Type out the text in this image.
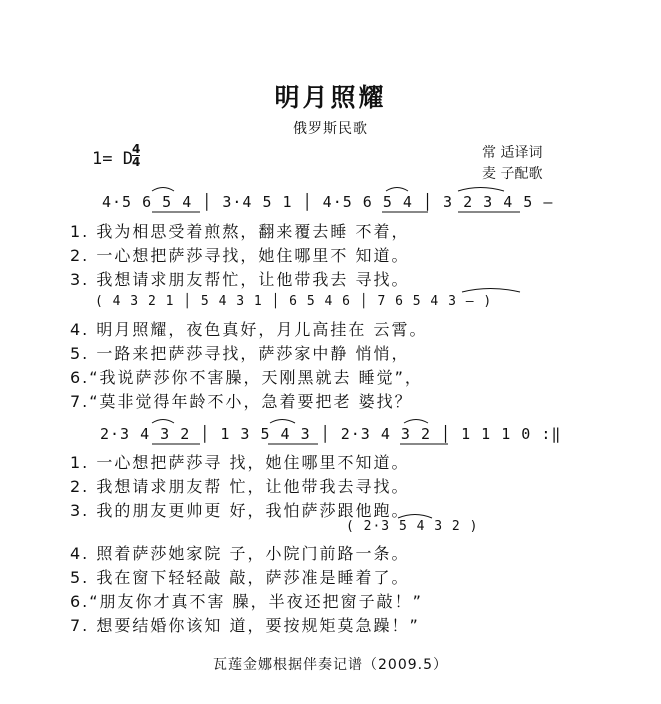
明月照耀
俄罗斯民歌
1= D 4
4
常 适译词
麦 子配歌
4·5 6 5 4 │ 3·4 5 1 │ 4·5 6 5 4 │ 3 2 3 4 5 –
1. 我为相思受着煎熬，翻来覆去睡 不着，
2. 一心想把萨莎寻找，她住哪里不 知道。
3. 我想请求朋友帮忙，让他带我去 寻找。
( 4 3 2 1 │ 5 4 3 1 │ 6 5 4 6 │ 7 6 5 4 3 – )
4. 明月照耀，夜色真好，月儿高挂在 云霄。
5. 一路来把萨莎寻找，萨莎家中静 悄悄，
6.“我说萨莎你不害臊，天刚黑就去 睡觉”，
7.“莫非觉得年龄不小，急着要把老 婆找？
2·3 4 3 2 │ 1 3 5 4 3 │ 2·3 4 3 2 │ 1 1 1 0 :‖
1. 一心想把萨莎寻 找，她住哪里不知道。
2. 我想请求朋友帮 忙，让他带我去寻找。
3. 我的朋友更帅更 好，我怕萨莎跟他跑。
( 2·3 5 4 3 2 )
4. 照着萨莎她家院 子，小院门前路一条。
5. 我在窗下轻轻敲 敲，萨莎准是睡着了。
6.“朋友你才真不害 臊，半夜还把窗子敲！”
7. 想要结婚你该知 道，要按规矩莫急躁！”
瓦莲金娜根据伴奏记谱（2009.5）
